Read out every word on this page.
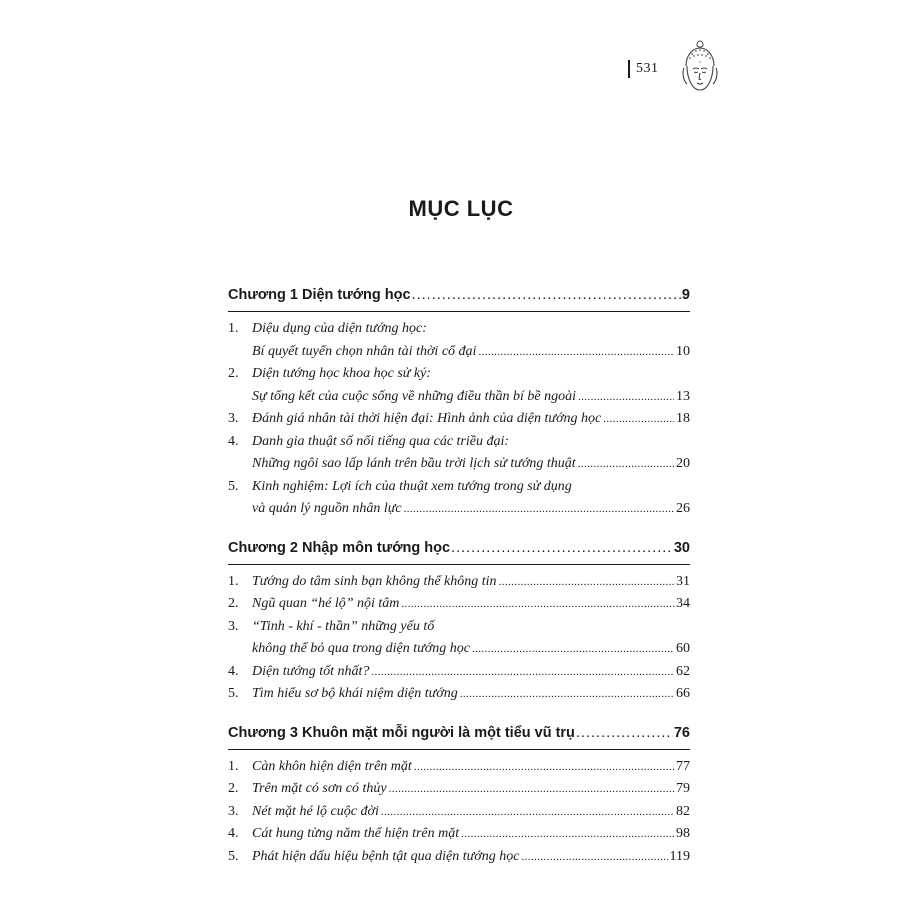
531
MỤC LỤC
Chương 1 Diện tướng học .....	9
1. Diệu dụng của diện tướng học:
Bí quyết tuyển chọn nhân tài thời cổ đại .....	10
2. Diện tướng học khoa học sử ký:
Sự tổng kết của cuộc sống về những điều thần bí bề ngoài .....	13
3. Đánh giá nhân tài thời hiện đại: Hình ảnh của diện tướng học .....	18
4. Danh gia thuật số nổi tiếng qua các triều đại:
Những ngôi sao lấp lánh trên bầu trời lịch sử tướng thuật .....	20
5. Kinh nghiệm: Lợi ích của thuật xem tướng trong sử dụng
và quản lý nguồn nhân lực .....	26
Chương 2 Nhập môn tướng học .....	30
1. Tướng do tâm sinh bạn không thể không tin .....	31
2. Ngũ quan “hé lộ” nội tâm .....	34
3. “Tinh - khí - thần” những yếu tố
không thể bỏ qua trong diện tướng học .....	60
4. Diện tướng tốt nhất? .....	62
5. Tìm hiểu sơ bộ khái niệm diện tướng .....	66
Chương 3 Khuôn mặt mỗi người là một tiểu vũ trụ .....	76
1. Càn khôn hiện diện trên mặt .....	77
2. Trên mặt có sơn có thủy .....	79
3. Nét mặt hé lộ cuộc đời .....	82
4. Cát hung từng năm thể hiện trên mặt .....	98
5. Phát hiện dấu hiệu bệnh tật qua diện tướng học .....	119
